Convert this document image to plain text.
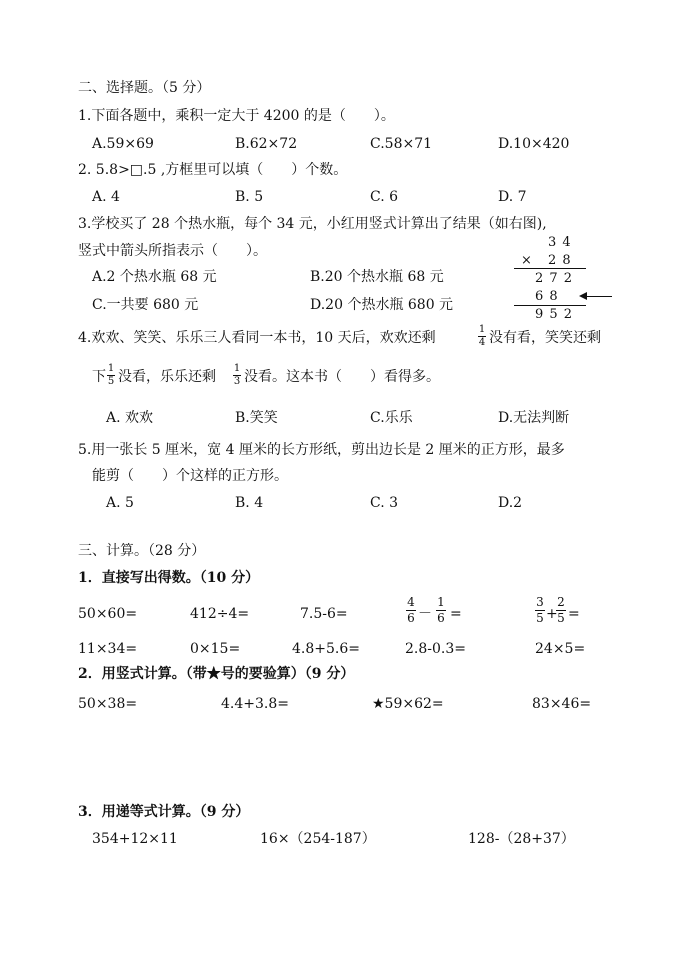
二、选择题。（5 分）
1.下面各题中，乘积一定大于 4200 的是（　　）。
A.59×69	B.62×72	C.58×71	D.10×420
2. 5.8>□.5 ,方框里可以填（　　）个数。
A. 4	B. 5	C. 6	D. 7
3.学校买了 28 个热水瓶，每个 34 元，小红用竖式计算出了结果（如右图),
竖式中箭头所指表示（　　）。
A.2 个热水瓶 68 元	B.20 个热水瓶 68 元
C.一共要 680 元	D.20 个热水瓶 680 元
3 4
× 2 8
2 7 2
6 8
9 5 2
4.欢欢、笑笑、乐乐三人看同一本书，10 天后，欢欢还剩
1
4 没有看，笑笑还剩
下
1
5 没看，乐乐还剩
1
3 没看。这本书（　　）看得多。
A. 欢欢	B.笑笑	C.乐乐	D.无法判断
5.用一张长 5 厘米，宽 4 厘米的长方形纸，剪出边长是 2 厘米的正方形，最多
能剪（　　）个这样的正方形。
A. 5	B. 4	C. 3	D.2
三、计算。（28 分）
1．直接写出得数。（10 分）
50×60=	412÷4=	7.5-6=
4
6 －
1
6 =
3
5 +
2
5 =
11×34=	0×15=	4.8+5.6=	2.8-0.3=	24×5=
2．用竖式计算。（带★号的要验算）（9 分）
50×38=	4.4+3.8=	★59×62=	83×46=
3．用递等式计算。（9 分）
354+12×11	16×（254-187）	128-（28+37）
